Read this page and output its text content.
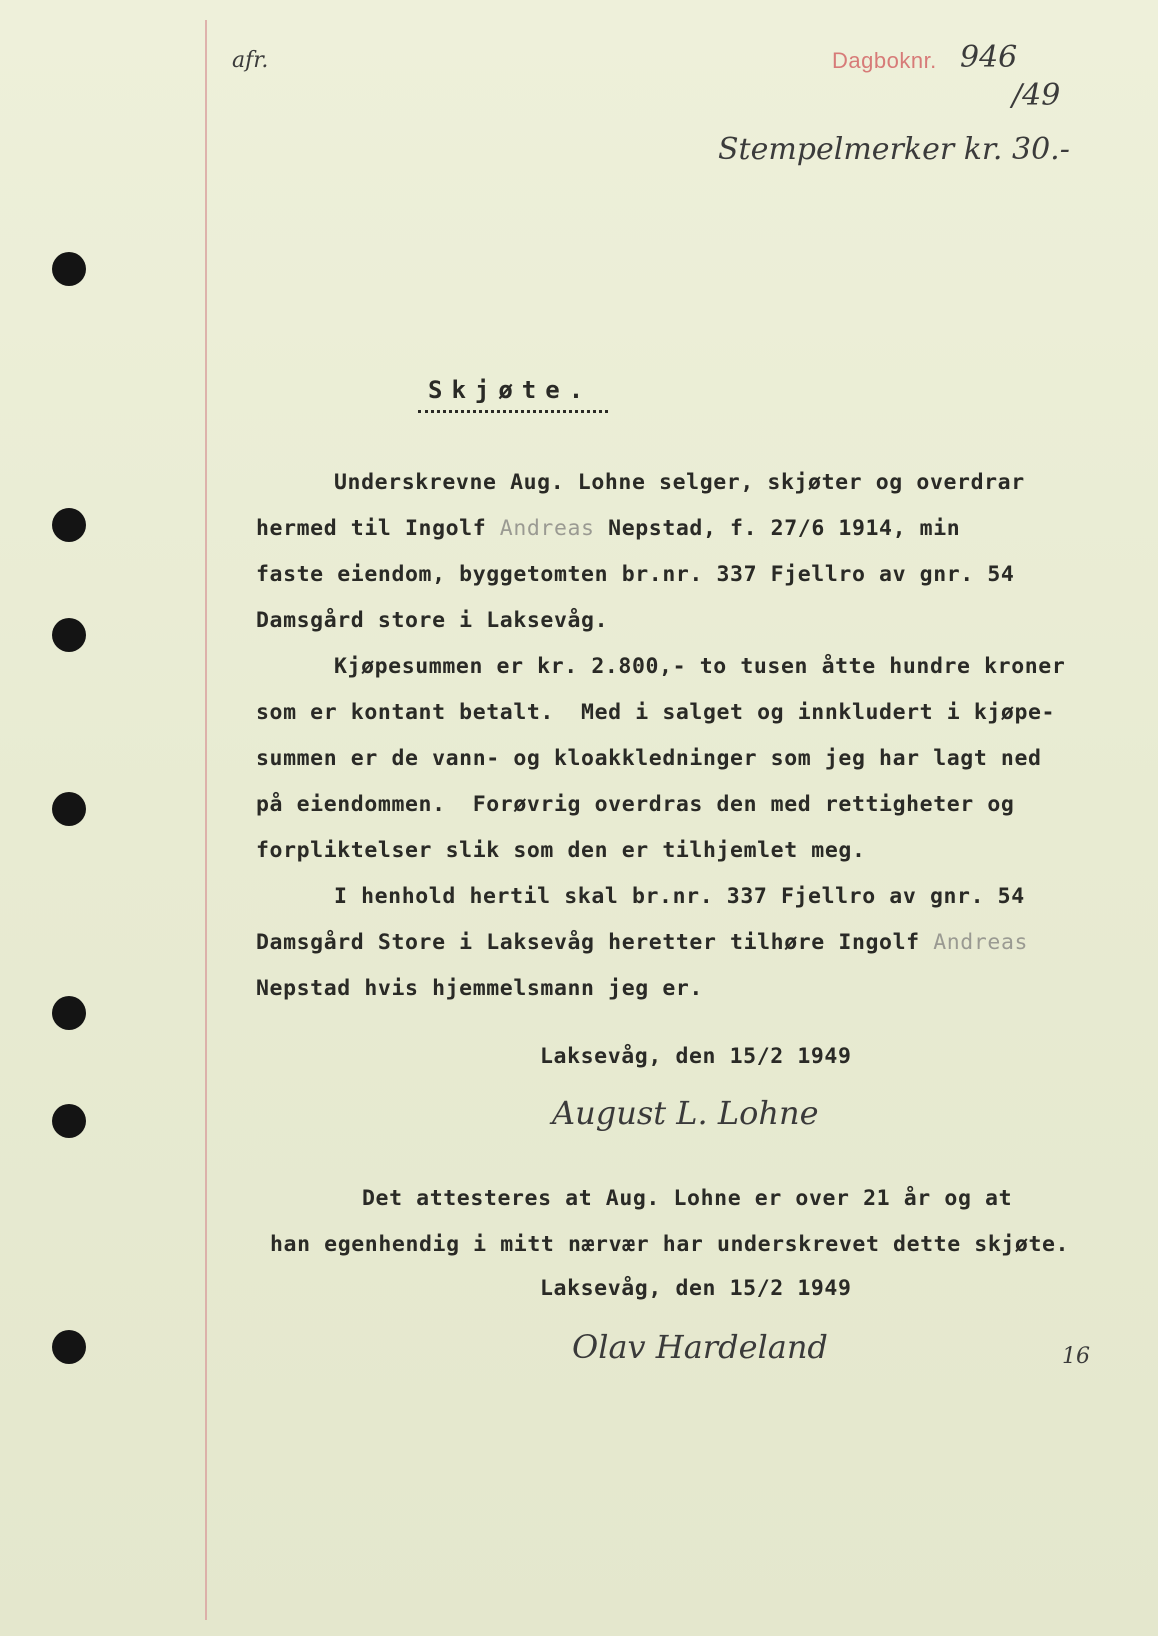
afr.	Dagboknr. 946
/49
Stempelmerker kr. 30.-
Skjøte.
Underskrevne Aug. Lohne selger, skjøter og overdrar
hermed til Ingolf Andreas Nepstad, f. 27/6 1914, min
faste eiendom, byggetomten br.nr. 337 Fjellro av gnr. 54
Damsgård store i Laksevåg.
Kjøpesummen er kr. 2.800,- to tusen åtte hundre kroner
som er kontant betalt.  Med i salget og innkludert i kjøpe-
summen er de vann- og kloakkledninger som jeg har lagt ned
på eiendommen.  Forøvrig overdras den med rettigheter og
forpliktelser slik som den er tilhjemlet meg.
I henhold hertil skal br.nr. 337 Fjellro av gnr. 54
Damsgård Store i Laksevåg heretter tilhøre Ingolf Andreas
Nepstad hvis hjemmelsmann jeg er.
Laksevåg, den 15/2 1949
August L. Lohne
Det attesteres at Aug. Lohne er over 21 år og at
han egenhendig i mitt nærvær har underskrevet dette skjøte.
Laksevåg, den 15/2 1949
Olav Hardeland	16
